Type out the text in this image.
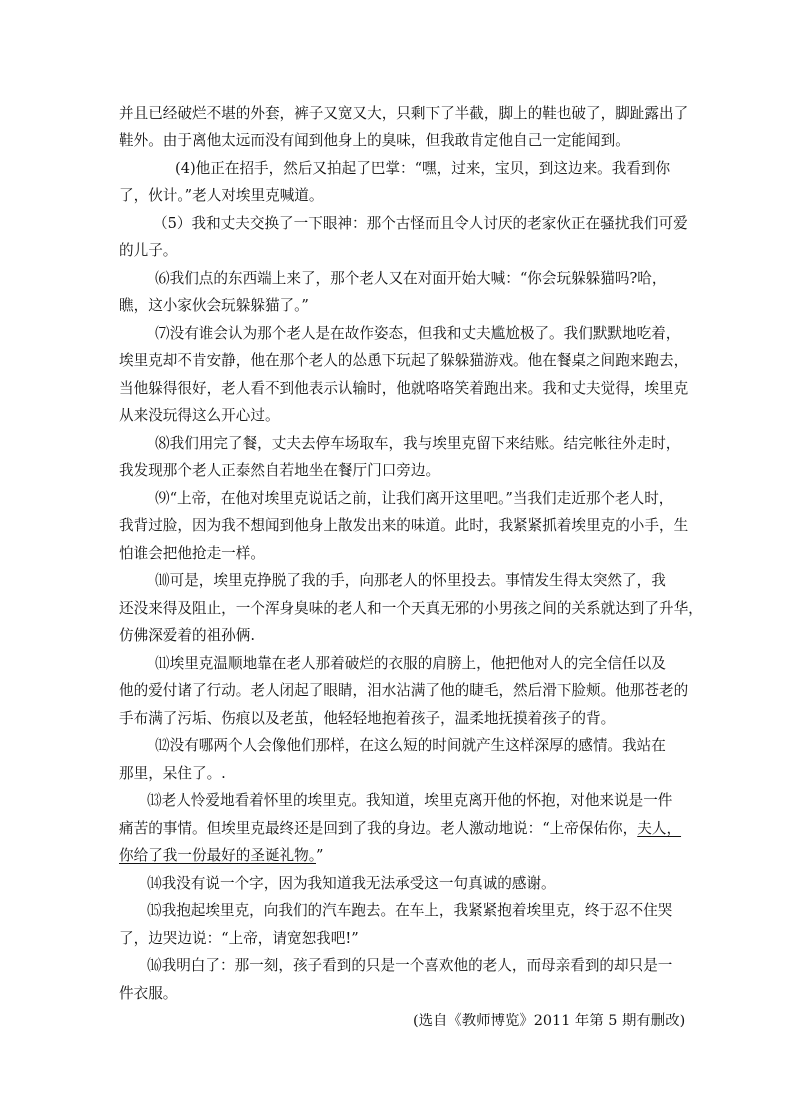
并且已经破烂不堪的外套，裤子又宽又大，只剩下了半截，脚上的鞋也破了，脚趾露出了
鞋外。由于离他太远而没有闻到他身上的臭味，但我敢肯定他自己一定能闻到。
(4)他正在招手，然后又拍起了巴掌：“嘿，过来，宝贝，到这边来。我看到你
了，伙计。”老人对埃里克喊道。
（5）我和丈夫交换了一下眼神：那个古怪而且令人讨厌的老家伙正在骚扰我们可爱
的儿子。
⑹我们点的东西端上来了，那个老人又在对面开始大喊：“你会玩躲躲猫吗?哈，
瞧，这小家伙会玩躲躲猫了。”
⑺没有谁会认为那个老人是在故作姿态，但我和丈夫尴尬极了。我们默默地吃着，
埃里克却不肯安静，他在那个老人的怂恿下玩起了躲躲猫游戏。他在餐桌之间跑来跑去，
当他躲得很好，老人看不到他表示认输时，他就咯咯笑着跑出来。我和丈夫觉得，埃里克
从来没玩得这么开心过。
⑻我们用完了餐，丈夫去停车场取车，我与埃里克留下来结账。结完帐往外走时，
我发现那个老人正泰然自若地坐在餐厅门口旁边。
⑼“上帝，在他对埃里克说话之前，让我们离开这里吧。”当我们走近那个老人时，
我背过脸，因为我不想闻到他身上散发出来的味道。此时，我紧紧抓着埃里克的小手，生
怕谁会把他抢走一样。
⑽可是，埃里克挣脱了我的手，向那老人的怀里投去。事情发生得太突然了，我
还没来得及阻止，一个浑身臭味的老人和一个天真无邪的小男孩之间的关系就达到了升华，
仿佛深爱着的祖孙俩.
⑾埃里克温顺地靠在老人那着破烂的衣服的肩膀上，他把他对人的完全信任以及
他的爱付诸了行动。老人闭起了眼睛，泪水沾满了他的睫毛，然后滑下脸颊。他那苍老的
手布满了污垢、伤痕以及老茧，他轻轻地抱着孩子，温柔地抚摸着孩子的背。
⑿没有哪两个人会像他们那样，在这么短的时间就产生这样深厚的感情。我站在
那里，呆住了。.
⒀老人怜爱地看着怀里的埃里克。我知道，埃里克离开他的怀抱，对他来说是一件
痛苦的事情。但埃里克最终还是回到了我的身边。老人激动地说：“上帝保佑你，夫人，
你给了我一份最好的圣诞礼物。”
⒁我没有说一个字，因为我知道我无法承受这一句真诚的感谢。
⒂我抱起埃里克，向我们的汽车跑去。在车上，我紧紧抱着埃里克，终于忍不住哭
了，边哭边说：“上帝，请宽恕我吧!”
⒃我明白了：那一刻，孩子看到的只是一个喜欢他的老人，而母亲看到的却只是一
件衣服。
(选自《教师博览》2011 年第 5 期有删改)
